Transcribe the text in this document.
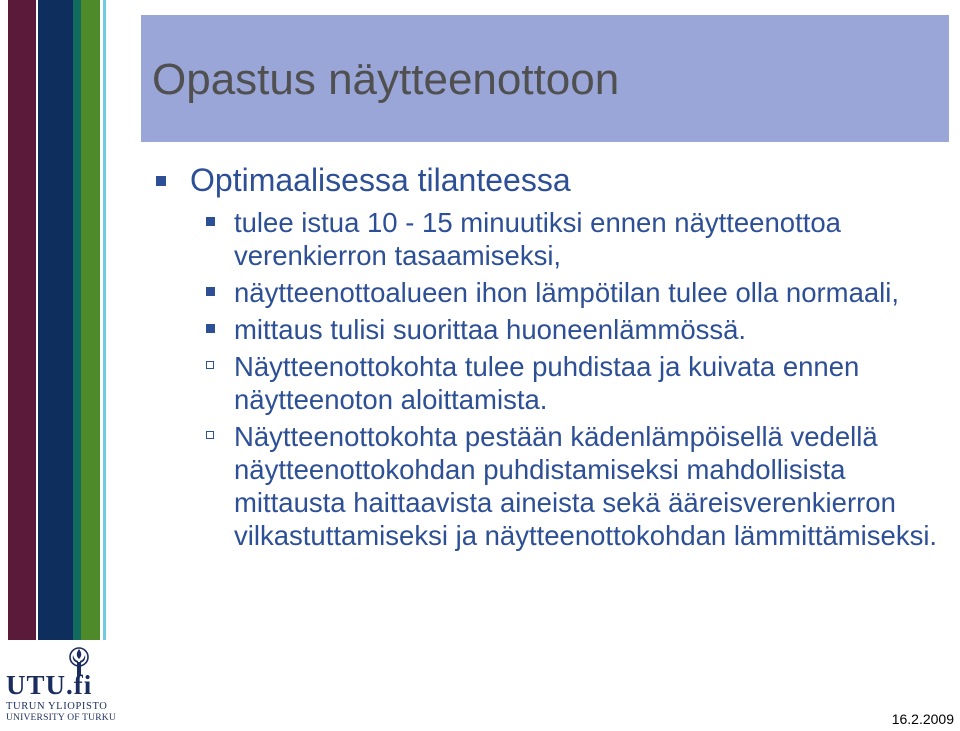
UTU.fi
TURUN YLIOPISTO
UNIVERSITY OF TURKU
Opastus näytteenottoon
Optimaalisessa tilanteessa
tulee istua 10 - 15 minuutiksi ennen näytteenottoa verenkierron tasaamiseksi,
näytteenottoalueen ihon lämpötilan tulee olla normaali,
mittaus tulisi suorittaa huoneenlämmössä.
Näytteenottokohta tulee puhdistaa ja kuivata ennen näytteenoton aloittamista.
Näytteenottokohta pestään kädenlämpöisellä vedellä näytteenottokohdan puhdistamiseksi mahdollisista mittausta haittaavista aineista sekä ääreisverenkierron vilkastuttamiseksi ja näytteenottokohdan lämmittämiseksi.
16.2.2009
